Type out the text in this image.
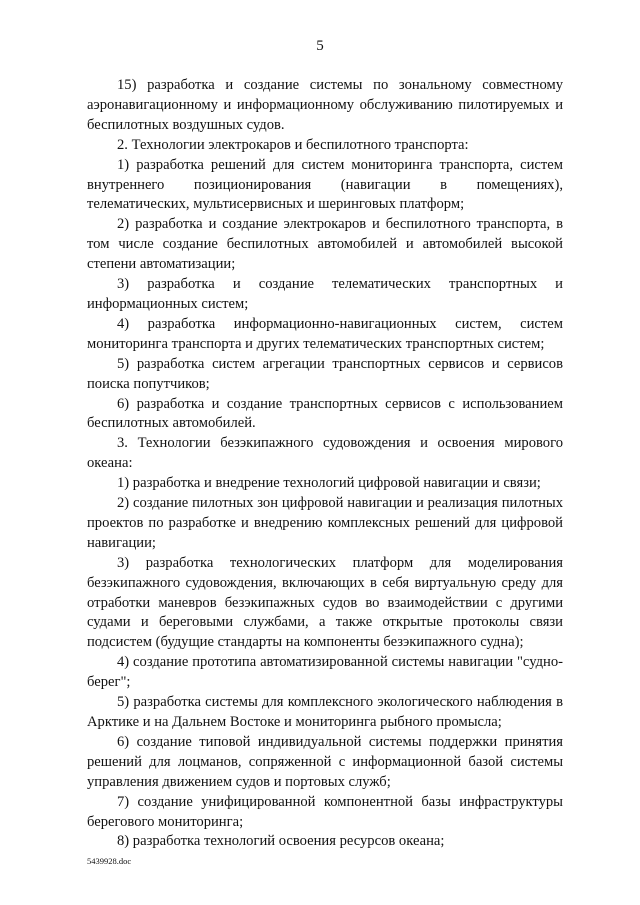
5

15) разработка и создание системы по зональному совместному аэронавигационному и информационному обслуживанию пилотируемых и беспилотных воздушных судов.

2. Технологии электрокаров и беспилотного транспорта:

1) разработка решений для систем мониторинга транспорта, систем внутреннего позиционирования (навигации в помещениях), телематических, мультисервисных и шеринговых платформ;

2) разработка и создание электрокаров и беспилотного транспорта, в том числе создание беспилотных автомобилей и автомобилей высокой степени автоматизации;

3) разработка и создание телематических транспортных и информационных систем;

4) разработка информационно-навигационных систем, систем мониторинга транспорта и других телематических транспортных систем;

5) разработка систем агрегации транспортных сервисов и сервисов поиска попутчиков;

6) разработка и создание транспортных сервисов с использованием беспилотных автомобилей.

3. Технологии безэкипажного судовождения и освоения мирового океана:

1) разработка и внедрение технологий цифровой навигации и связи;

2) создание пилотных зон цифровой навигации и реализация пилотных проектов по разработке и внедрению комплексных решений для цифровой навигации;

3) разработка технологических платформ для моделирования безэкипажного судовождения, включающих в себя виртуальную среду для отработки маневров безэкипажных судов во взаимодействии с другими судами и береговыми службами, а также открытые протоколы связи подсистем (будущие стандарты на компоненты безэкипажного судна);

4) создание прототипа автоматизированной системы навигации "судно-берег";

5) разработка системы для комплексного экологического наблюдения в Арктике и на Дальнем Востоке и мониторинга рыбного промысла;

6) создание типовой индивидуальной системы поддержки принятия решений для лоцманов, сопряженной с информационной базой системы управления движением судов и портовых служб;

7) создание унифицированной компонентной базы инфраструктуры берегового мониторинга;

8) разработка технологий освоения ресурсов океана;

5439928.doc
